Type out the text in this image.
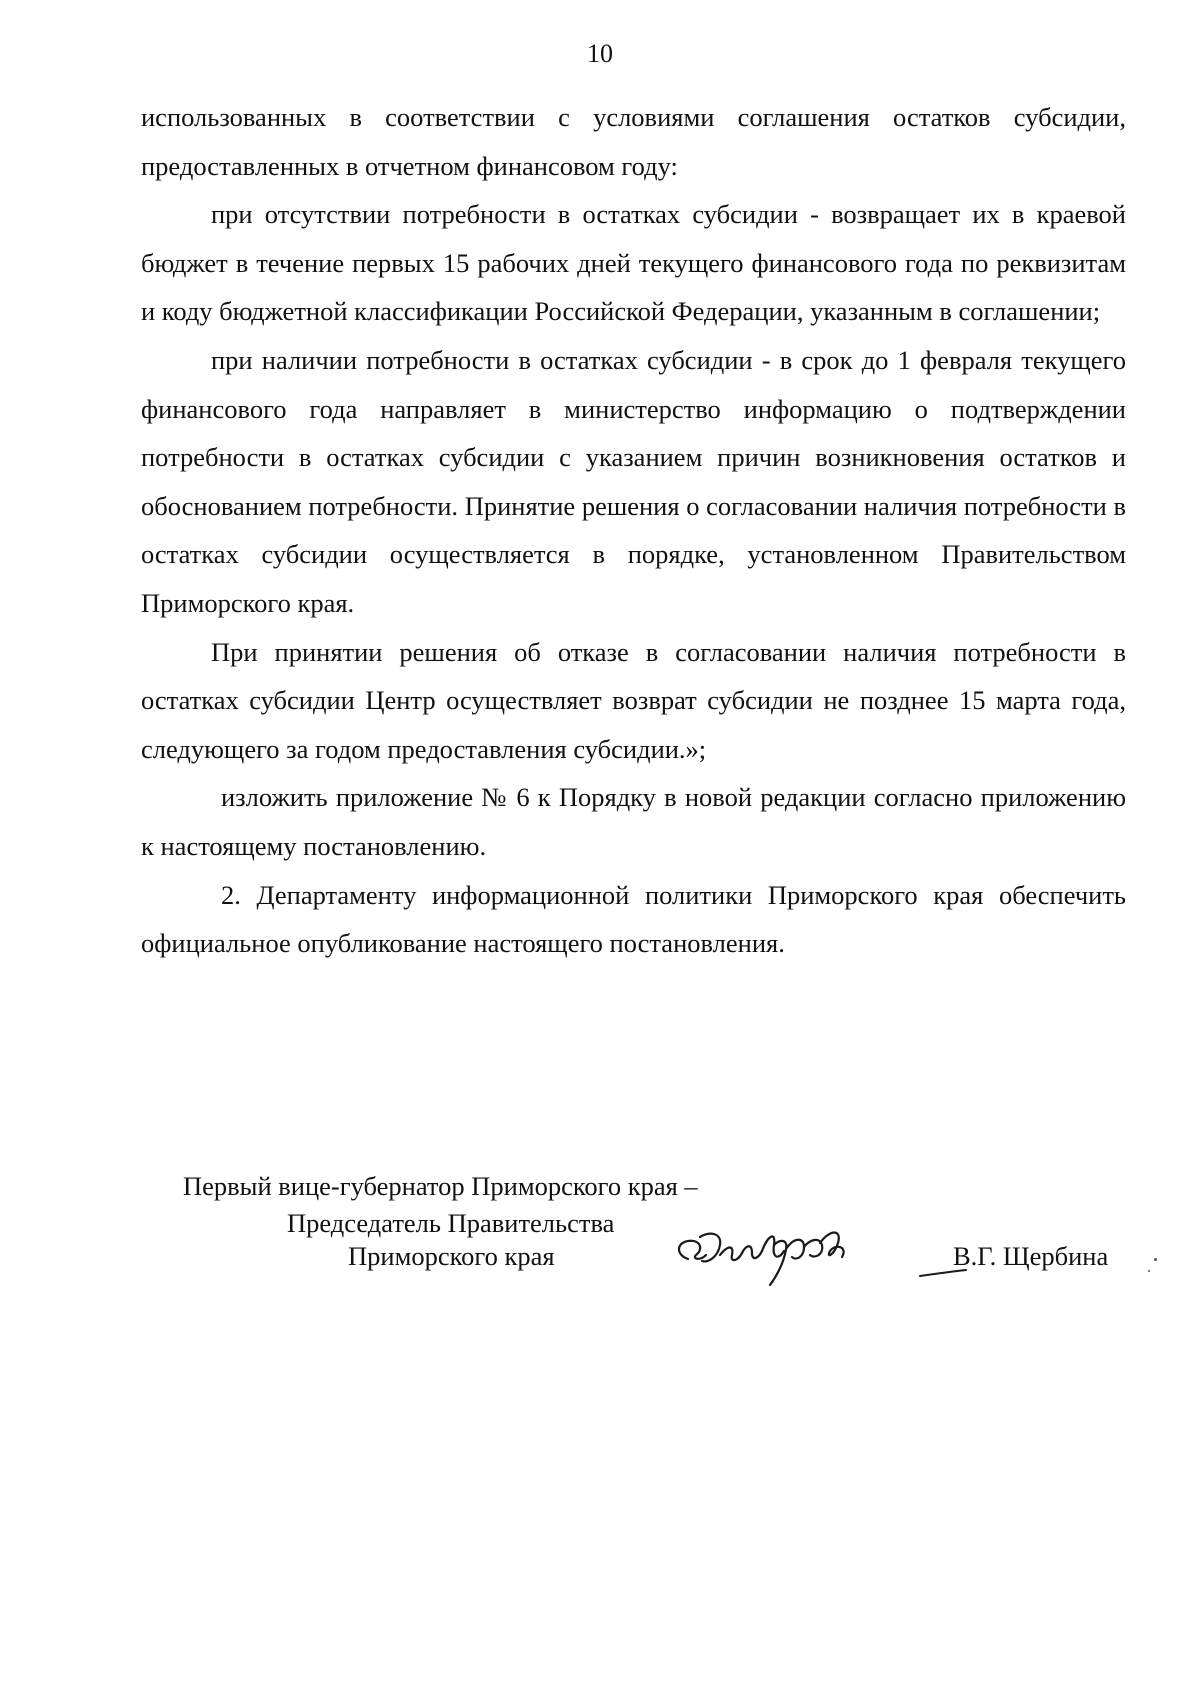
10

использованных в соответствии с условиями соглашения остатков субсидии, предоставленных в отчетном финансовом году:

при отсутствии потребности в остатках субсидии - возвращает их в краевой бюджет в течение первых 15 рабочих дней текущего финансового года по реквизитам и коду бюджетной классификации Российской Федерации, указанным в соглашении;

при наличии потребности в остатках субсидии - в срок до 1 февраля текущего финансового года направляет в министерство информацию о подтверждении потребности в остатках субсидии с указанием причин возникновения остатков и обоснованием потребности. Принятие решения о согласовании наличия потребности в остатках субсидии осуществляется в порядке, установленном Правительством Приморского края.

При принятии решения об отказе в согласовании наличия потребности в остатках субсидии Центр осуществляет возврат субсидии не позднее 15 марта года, следующего за годом предоставления субсидии.»;

изложить приложение № 6 к Порядку в новой редакции согласно приложению к настоящему постановлению.

2. Департаменту информационной политики Приморского края обеспечить официальное опубликование настоящего постановления.

Первый вице-губернатор Приморского края –
Председатель Правительства
Приморского края	В.Г. Щербина
